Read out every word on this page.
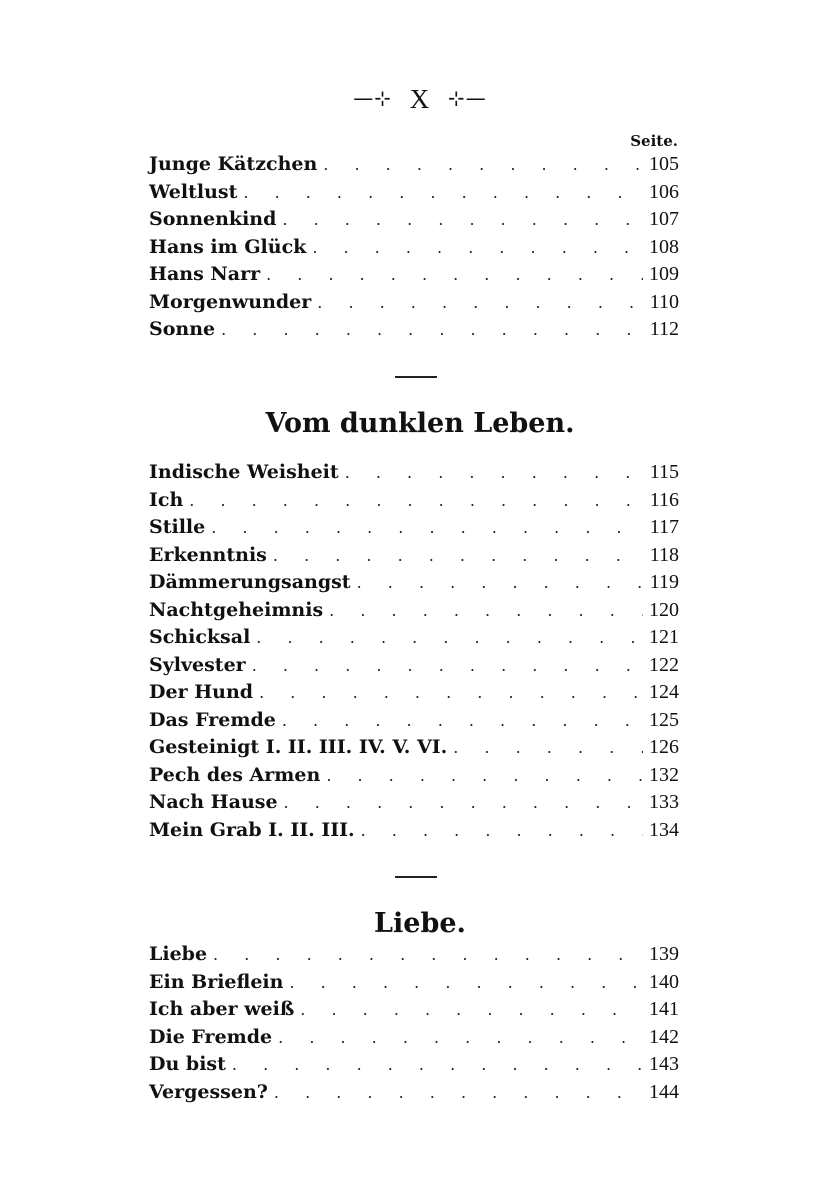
—⊹ X ⊹—
Seite.
Junge Kätzchen . . .	105
Weltlust . . .	106
Sonnenkind . . .	107
Hans im Glück . . .	108
Hans Narr . . .	109
Morgenwunder . . .	110
Sonne . . .	112
Vom dunklen Leben.
Indische Weisheit . . .	115
Ich . . .	116
Stille . . .	117
Erkenntnis . . .	118
Dämmerungsangst . . .	119
Nachtgeheimnis . . .	120
Schicksal . . .	121
Sylvester . . .	122
Der Hund . . .	124
Das Fremde . . .	125
Gesteinigt I. II. III. IV. V. VI. . . .	126
Pech des Armen . . .	132
Nach Hause . . .	133
Mein Grab I. II. III. . . .	134
Liebe.
Liebe . . .	139
Ein Brieflein . . .	140
Ich aber weiß . . .	141
Die Fremde . . .	142
Du bist . . .	143
Vergessen? . . .	144
